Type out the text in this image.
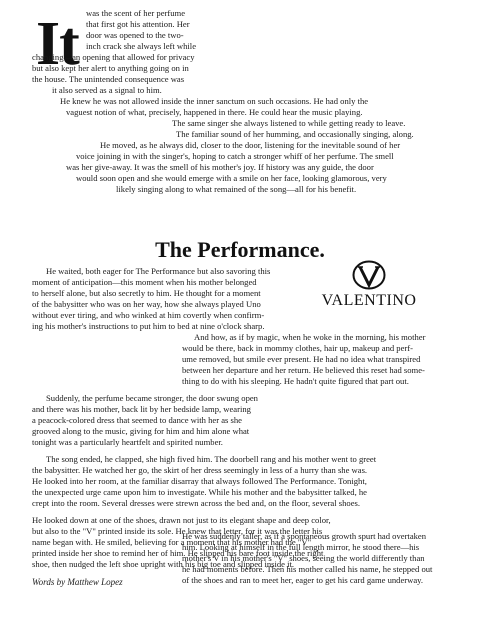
It was the scent of her perfume

that first got his attention. Her

door was opened to the two-

inch crack she always left while

changing—an opening that allowed for privacy

but also kept her alert to anything going on in

the house. The unintended consequence was

it also served as a signal to him.

He knew he was not allowed inside the inner sanctum on such occasions. He had only the

vaguest notion of what, precisely, happened in there. He could hear the music playing.

The same singer she always listened to while getting ready to leave.

The familiar sound of her humming, and occasionally singing, along.

He moved, as he always did, closer to the door, listening for the inevitable sound of her

voice joining in with the singer's, hoping to catch a stronger whiff of her perfume. The smell

was her give-away. It was the smell of his mother's joy. If history was any guide, the door

would soon open and she would emerge with a smile on her face, looking glamorous, very

likely singing along to what remained of the song—all for his benefit.

The Performance.

He waited, both eager for The Performance but also savoring this

moment of anticipation—this moment when his mother belonged

to herself alone, but also secretly to him. He thought for a moment

of the babysitter who was on her way, how she always played Uno

without ever tiring, and who winked at him covertly when confirm-

ing his mother's instructions to put him to bed at nine o'clock sharp.

And how, as if by magic, when he woke in the morning, his mother

would be there, back in mommy clothes, hair up, makeup and perf-

ume removed, but smile ever present. He had no idea what transpired

between her departure and her return. He believed this reset had some-

thing to do with his sleeping. He hadn't quite figured that part out.

Suddenly, the perfume became stronger, the door swung open

and there was his mother, back lit by her bedside lamp, wearing

a peacock-colored dress that seemed to dance with her as she

grooved along to the music, giving for him and him alone what

tonight was a particularly heartfelt and spirited number.

The song ended, he clapped, she high fived him. The doorbell rang and his mother went to greet

the babysitter. He watched her go, the skirt of her dress seemingly in less of a hurry than she was.

He looked into her room, at the familiar disarray that always followed The Performance. Tonight,

the unexpected urge came upon him to investigate. While his mother and the babysitter talked, he

crept into the room. Several dresses were strewn across the bed and, on the floor, several shoes.

He looked down at one of the shoes, drawn not just to its elegant shape and deep color,

but also to the "V" printed inside its sole. He knew that letter, for it was the letter his

name began with. He smiled, believing for a moment that his mother had the "V"

printed inside her shoe to remind her of him. He slipped his bare foot inside the right

shoe, then nudged the left shoe upright with his big toe and slipped inside it.

He was suddenly taller, as if a spontaneous growth spurt had overtaken

him. Looking at himself in the full length mirror, he stood there—his

mother's V in his mother's "V" shoes, seeing the world differently than

he had moments before. Then his mother called his name, he stepped out

of the shoes and ran to meet her, eager to get his card game underway.

VALENTINO
Words by Matthew Lopez
